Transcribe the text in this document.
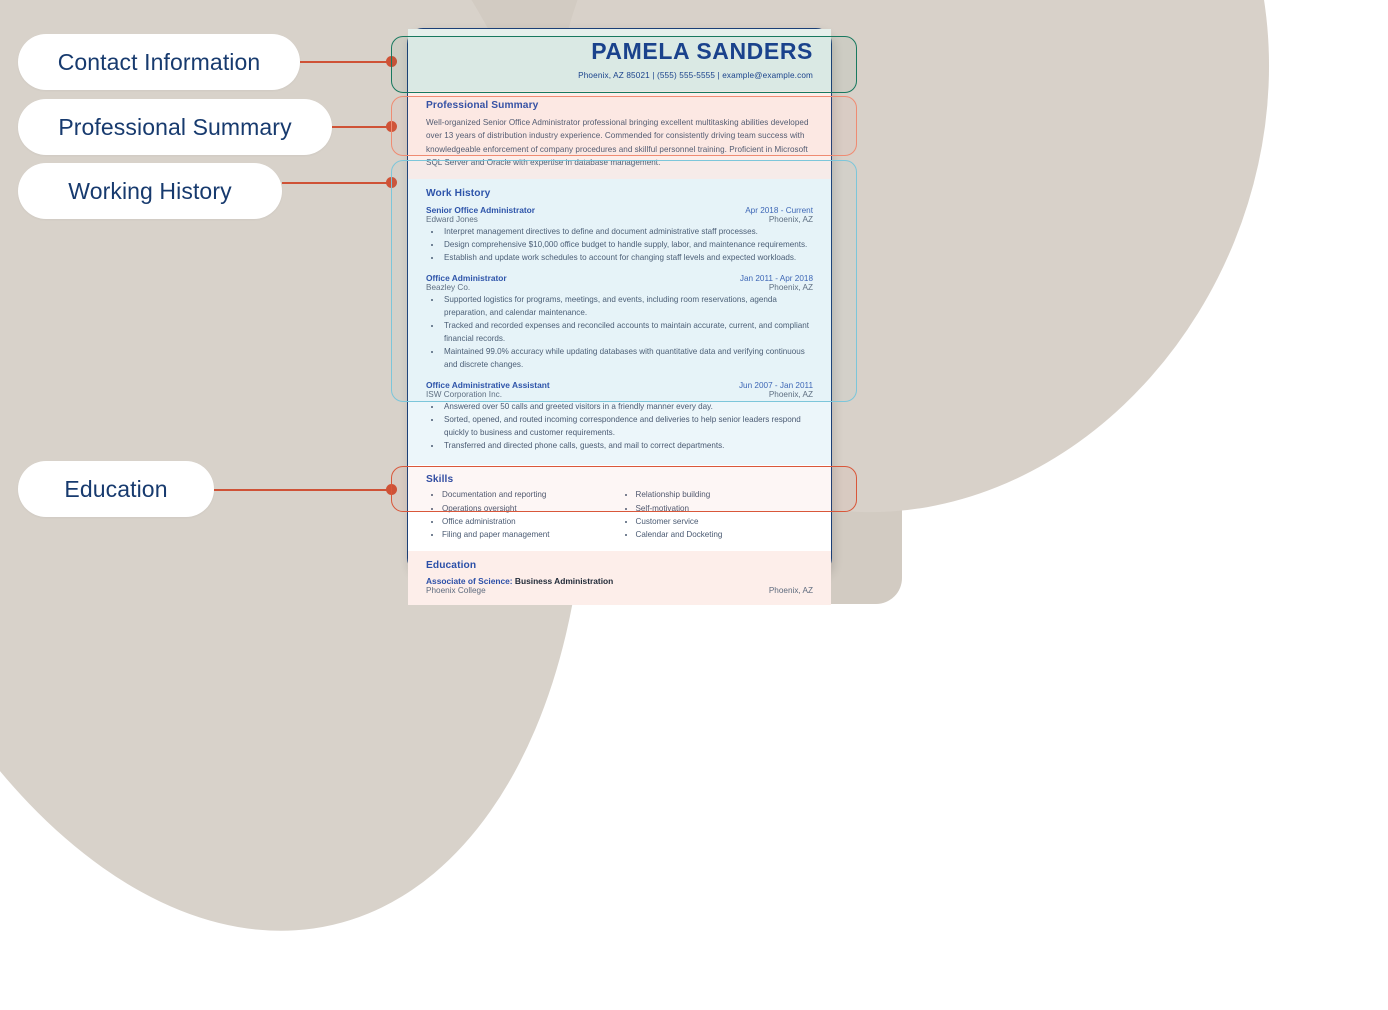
Contact Information
Professional Summary
Working History
Education
PAMELA SANDERS
Phoenix, AZ 85021 | (555) 555-5555 | example@example.com
Professional Summary
Well-organized Senior Office Administrator professional bringing excellent multitasking abilities developed over 13 years of distribution industry experience. Commended for consistently driving team success with knowledgeable enforcement of company procedures and skillful personnel training. Proficient in Microsoft SQL Server and Oracle with expertise in database management.
Work History
Senior Office Administrator	Apr 2018 - Current
Edward Jones	Phoenix, AZ
• Interpret management directives to define and document administrative staff processes.
• Design comprehensive $10,000 office budget to handle supply, labor, and maintenance requirements.
• Establish and update work schedules to account for changing staff levels and expected workloads.
Office Administrator	Jan 2011 - Apr 2018
Beazley Co.	Phoenix, AZ
• Supported logistics for programs, meetings, and events, including room reservations, agenda preparation, and calendar maintenance.
• Tracked and recorded expenses and reconciled accounts to maintain accurate, current, and compliant financial records.
• Maintained 99.0% accuracy while updating databases with quantitative data and verifying continuous and discrete changes.
Office Administrative Assistant	Jun 2007 - Jan 2011
ISW Corporation Inc.	Phoenix, AZ
• Answered over 50 calls and greeted visitors in a friendly manner every day.
• Sorted, opened, and routed incoming correspondence and deliveries to help senior leaders respond quickly to business and customer requirements.
• Transferred and directed phone calls, guests, and mail to correct departments.
Skills
• Documentation and reporting
• Operations oversight
• Office administration
• Filing and paper management
• Relationship building
• Self-motivation
• Customer service
• Calendar and Docketing
Education
Associate of Science: Business Administration
Phoenix College	Phoenix, AZ
